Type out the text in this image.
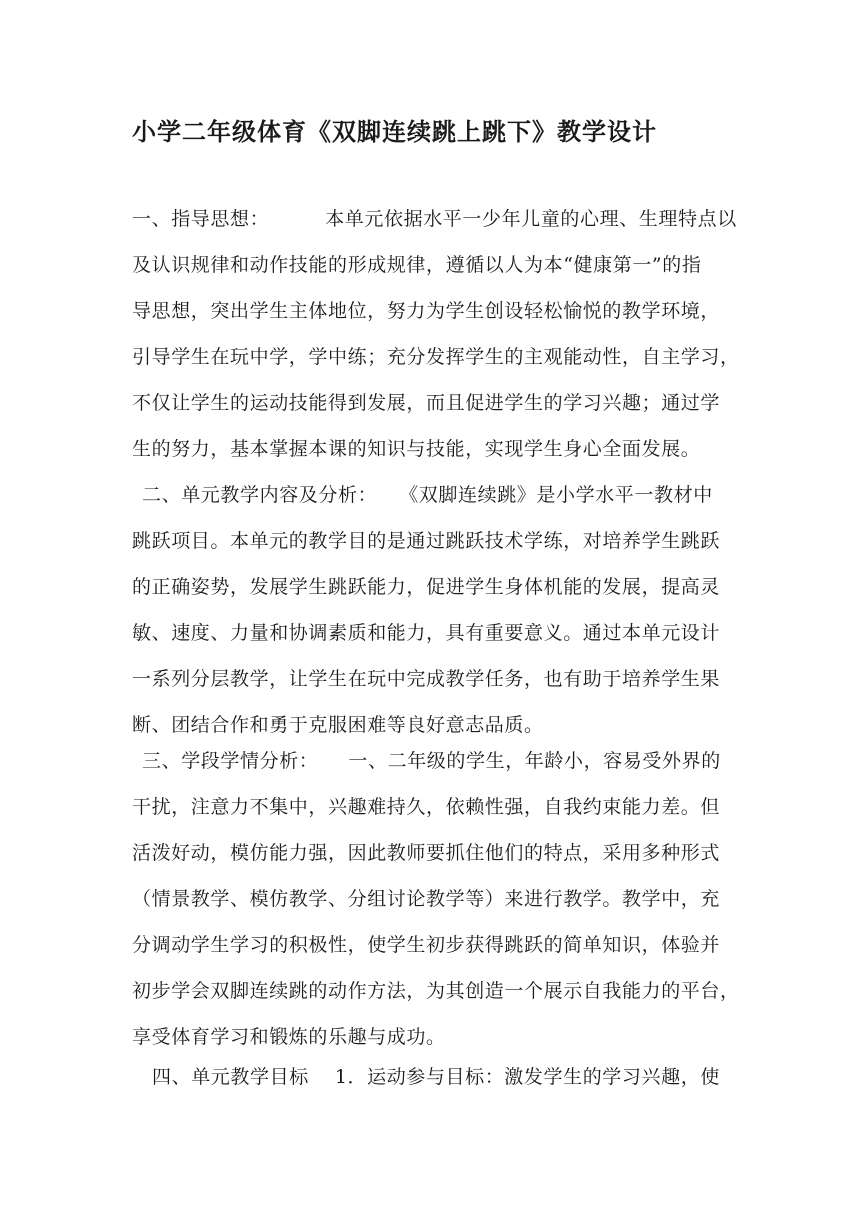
小学二年级体育《双脚连续跳上跳下》教学设计
一、指导思想：	本单元依据水平一少年儿童的心理、生理特点以
及认识规律和动作技能的形成规律，遵循以人为本“健康第一”的指
导思想，突出学生主体地位，努力为学生创设轻松愉悦的教学环境，
引导学生在玩中学，学中练；充分发挥学生的主观能动性，自主学习，
不仅让学生的运动技能得到发展，而且促进学生的学习兴趣；通过学
生的努力，基本掌握本课的知识与技能，实现学生身心全面发展。
二、单元教学内容及分析： 《双脚连续跳》是小学水平一教材中
跳跃项目。本单元的教学目的是通过跳跃技术学练，对培养学生跳跃
的正确姿势，发展学生跳跃能力，促进学生身体机能的发展，提高灵
敏、速度、力量和协调素质和能力，具有重要意义。通过本单元设计
一系列分层教学，让学生在玩中完成教学任务，也有助于培养学生果
断、团结合作和勇于克服困难等良好意志品质。
三、学段学情分析： 一、二年级的学生，年龄小，容易受外界的
干扰，注意力不集中，兴趣难持久，依赖性强，自我约束能力差。但
活泼好动，模仿能力强，因此教师要抓住他们的特点，采用多种形式
（情景教学、模仿教学、分组讨论教学等）来进行教学。教学中，充
分调动学生学习的积极性，使学生初步获得跳跃的简单知识，体验并
初步学会双脚连续跳的动作方法，为其创造一个展示自我能力的平台，
享受体育学习和锻炼的乐趣与成功。
四、单元教学目标 1．运动参与目标：激发学生的学习兴趣，使
